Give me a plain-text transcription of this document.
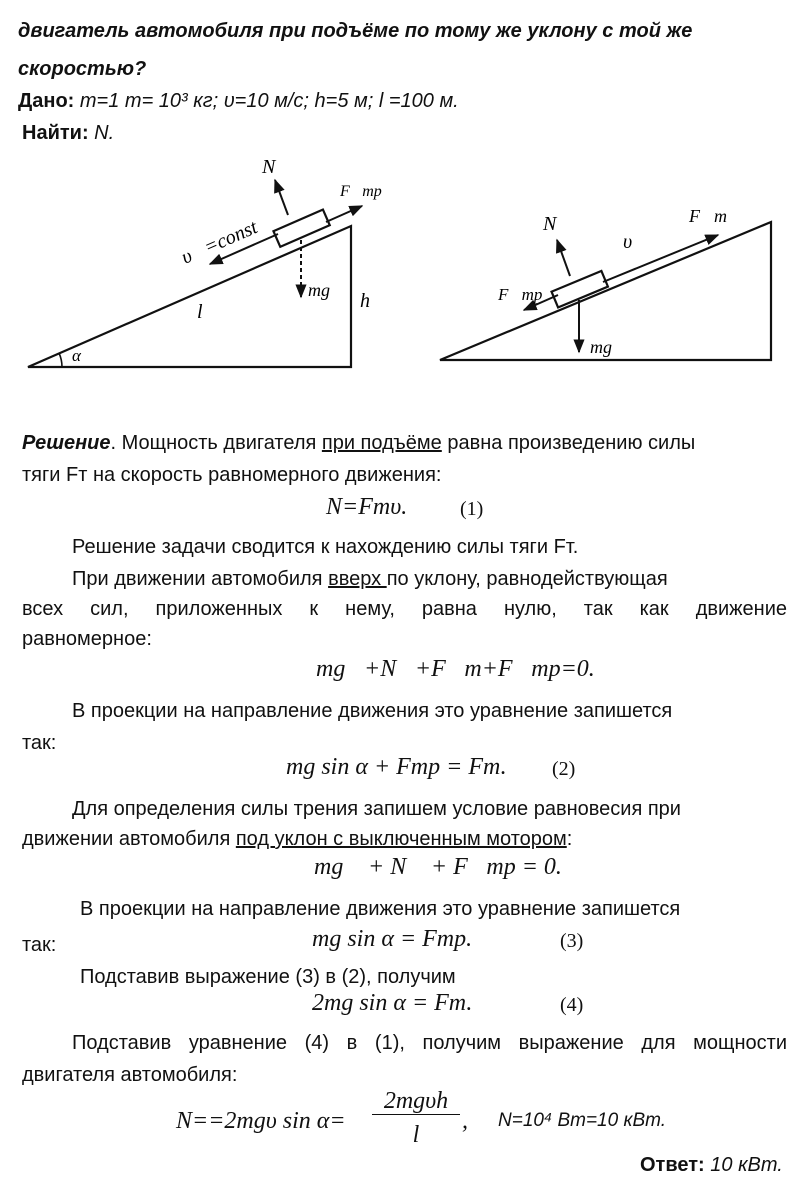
двигатель автомобиля при подъёме по тому же уклону с той же
скоростью?
Дано: m=1 т= 10³ кг; υ=10 м/с; h=5 м; l =100 м.
Найти: N.
N⃗
F⃗тр
υ⃗=const
mg⃗
l	h
α
N⃗	F⃗т
υ⃗
F⃗тр
mg⃗
Решение. Мощность двигателя при подъёме равна произведению силы
тяги Fт на скорость равномерного движения:
N=Fтυ.	(1)
Решение задачи сводится к нахождению силы тяги Fт.
При движении автомобиля вверх по уклону, равнодействующая
всех сил, приложенных к нему, равна нулю, так как движение
равномерное:
mg⃗+N⃗+F⃗т+F⃗тр=0.
В проекции на направление движения это уравнение запишется
так:
mg sin α + Fтр = Fт. (2)
Для определения силы трения запишем условие равновесия при
движении автомобиля под уклон с выключенным мотором:
mg⃗ + N⃗ + F⃗тр = 0.
В проекции на направление движения это уравнение запишется
так:	mg sin α = Fтр.	(3)
Подставив выражение (3) в (2), получим
2mg sin α = Fт.	(4)
Подставив уравнение (4) в (1), получим выражение для мощности
двигателя автомобиля:
N==2mgυ sin α=
2mgυh
l
, N=10⁴ Вт=10 кВт.
Ответ: 10 кВт.
